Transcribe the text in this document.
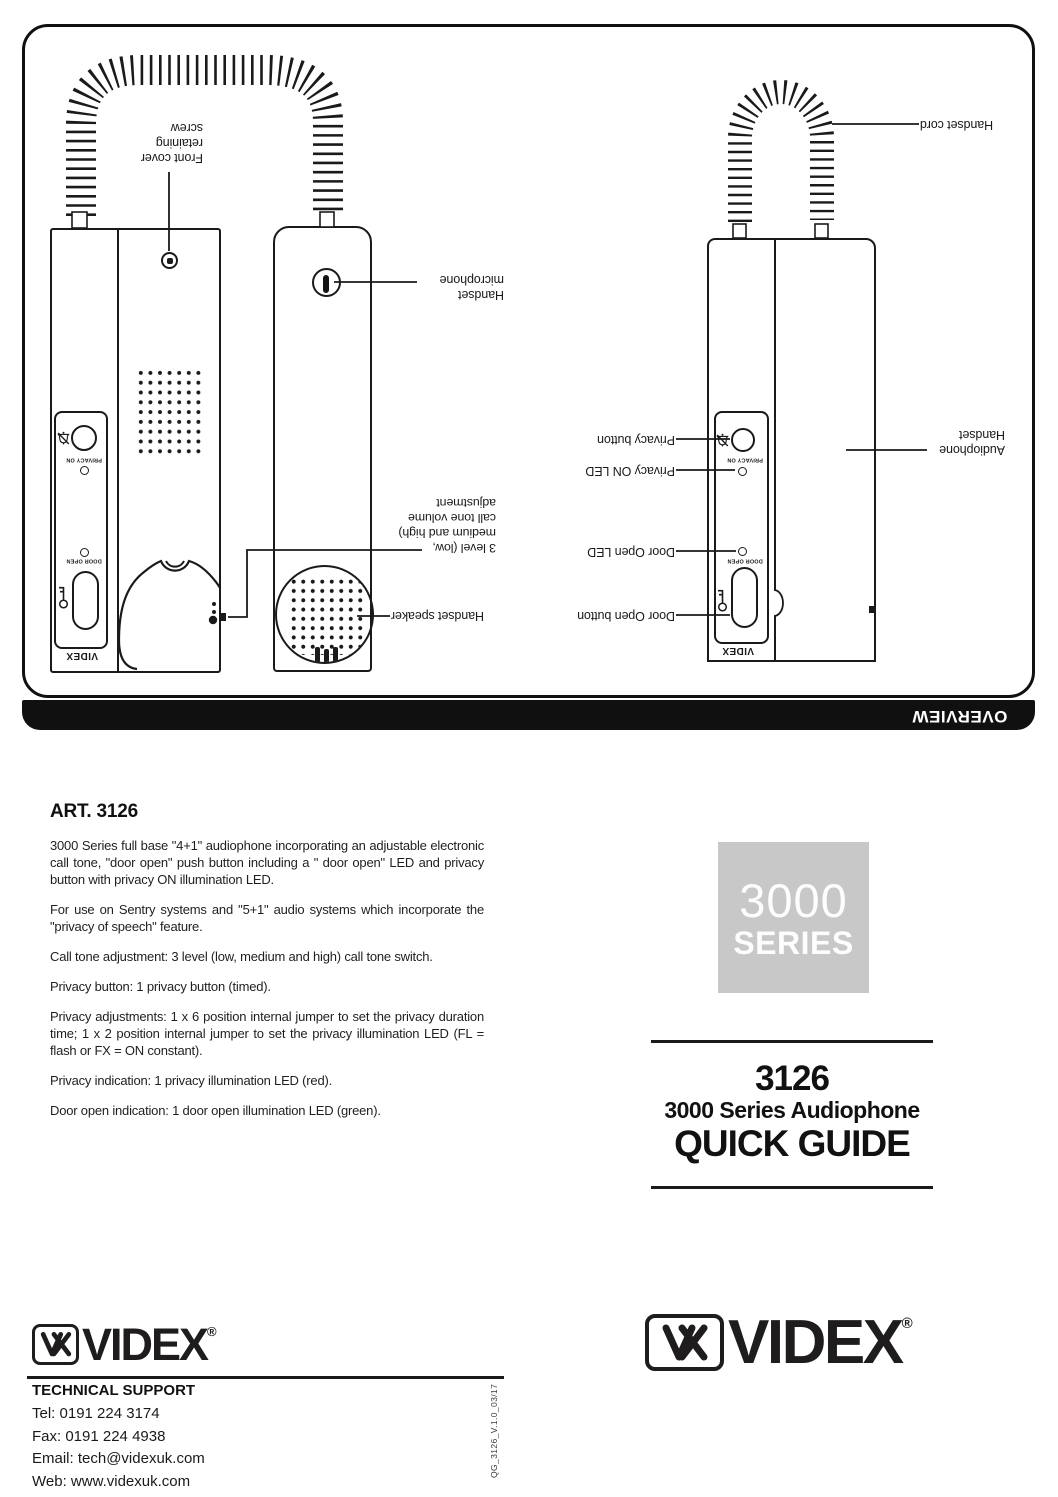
PRIVACY ON
DOOR OPEN
VIDEX
PRIVACY ON
DOOR OPEN
VIDEX
Front cover retaining screw
Handset microphone
3 level (low, medium and high) call tone volume adjustment
Handset speaker
Privacy button
Privacy ON LED
Door Open LED
Door Open button
Audiophone Handset
Handset cord
OVERVIEW
ART. 3126

3000 Series full base "4+1" audiophone incorporating an adjustable electronic call tone, "door open" push button including a " door open" LED and privacy button with privacy ON illumination LED.

For use on Sentry systems and "5+1" audio systems which incorporate the "privacy of speech" feature.

Call tone adjustment: 3 level (low, medium and high) call tone switch.

Privacy button: 1 privacy button (timed).

Privacy adjustments: 1 x 6 position internal jumper to set the privacy duration time; 1 x 2 position internal jumper to set the privacy illumination LED (FL = flash or FX = ON constant).

Privacy indication: 1 privacy illumination LED (red).

Door open indication: 1 door open illumination LED (green).

3000
SERIES
3126
3000 Series Audiophone
QUICK GUIDE
VIDEX®	VIDEX®
TECHNICAL SUPPORT

Tel: 0191 224 3174

Fax: 0191 224 4938

Email: tech@videxuk.com

Web: www.videxuk.com

QG_3126_V.1.0_03/17
